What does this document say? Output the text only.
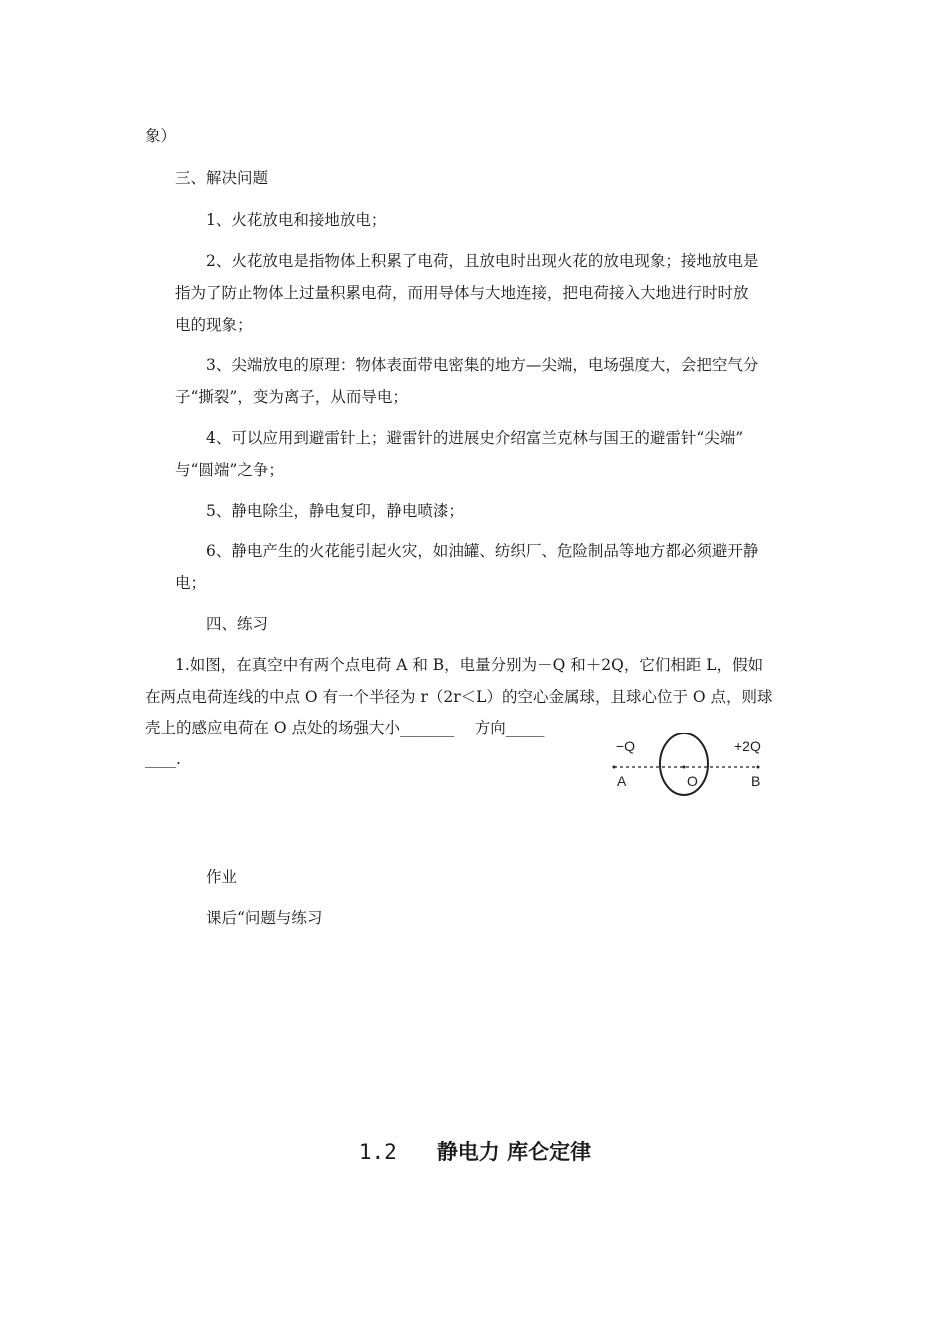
象）
三、解决问题
1、火花放电和接地放电；
2、火花放电是指物体上积累了电荷，且放电时出现火花的放电现象；接地放电是
指为了防止物体上过量积累电荷，而用导体与大地连接，把电荷接入大地进行时时放
电的现象；
3、尖端放电的原理：物体表面带电密集的地方—尖端，电场强度大，会把空气分
子“撕裂”，变为离子，从而导电；
4、可以应用到避雷针上；避雷针的进展史介绍富兰克林与国王的避雷针“尖端”
与“圆端”之争；
5、静电除尘，静电复印，静电喷漆；
6、静电产生的火花能引起火灾，如油罐、纺织厂、危险制品等地方都必须避开静
电；
四、练习
1.如图，在真空中有两个点电荷 A 和 B，电量分别为－Q 和＋2Q，它们相距 L，假如
在两点电荷连线的中点 O 有一个半径为 r（2r＜L）的空心金属球，且球心位于 O 点，则球
壳上的感应电荷在 O 点处的场强大小_______　 方向_____
____.
−Q	+2Q
A	O	B
作业
课后“问题与练习
1.2 静电力 库仑定律
